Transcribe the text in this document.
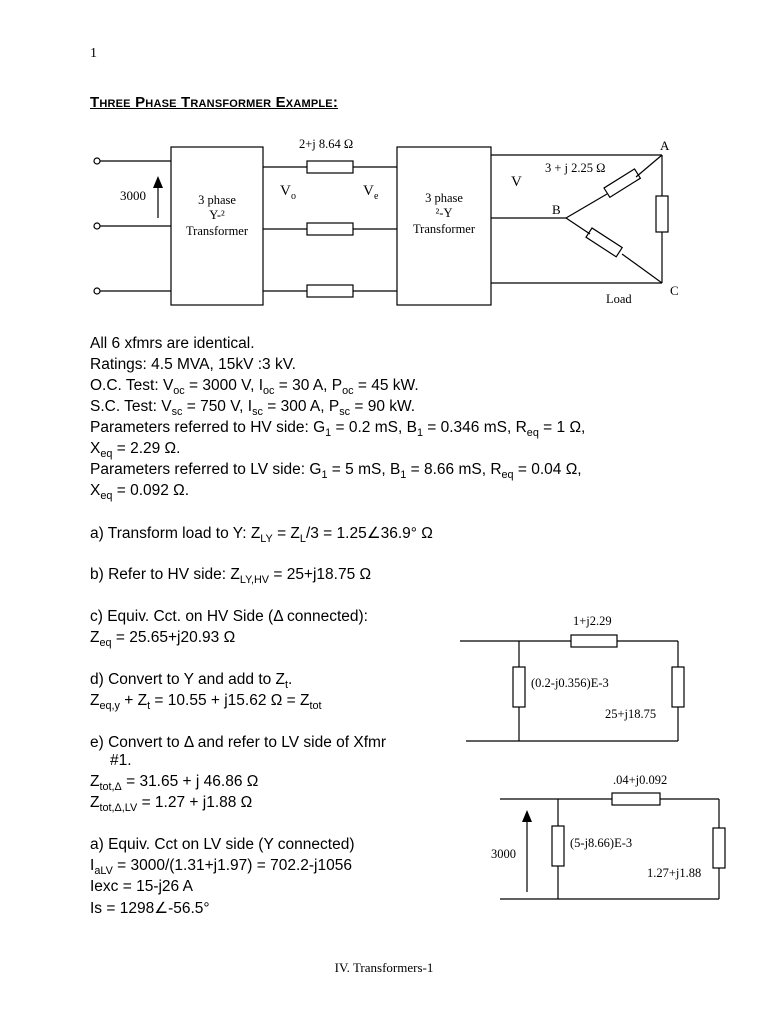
1
Three Phase Transformer Example:
3000	3 phase
Y-²
Transformer
3 phase
²-Y
Transformer
2+j 8.64 Ω
V o	V e
V
3 + j 2.25 Ω
A
B
C
Load
All 6 xfmrs are identical.
Ratings: 4.5 MVA, 15kV :3 kV.
O.C. Test: $V_{oc} = 3000$ V, $I_{oc} = 30$ A, $P_{oc} = 45$ kW.
S.C. Test: $V_{sc} = 750$ V, $I_{sc} = 300$ A, $P_{sc} = 90$ kW.
Parameters referred to HV side: $G_1 = 0.2$ mS, $B_1 = 0.346$ mS, $R_{eq} = 1$ Ω,
$X_{eq} = 2.29$ Ω.
Parameters referred to LV side: $G_1 = 5$ mS, $B_1 = 8.66$ mS, $R_{eq} = 0.04$ Ω,
$X_{eq} = 0.092$ Ω.
a) Transform load to Y: $Z_{LY} = Z_L/3$ = 1.25∠36.9° Ω
b) Refer to HV side: $Z_{LY,HV} = 25+j18.75$ Ω
c) Equiv. Cct. on HV Side (Δ connected):
$Z_{eq} = 25.65+j20.93$ Ω
d) Convert to Y and add to $Z_t$.
$Z_{eq,y} + Z_t = 10.55 + j15.62$ $\Omega = Z_{tot}$
e) Convert to Δ and refer to LV side of Xfmr
#1.
$Z_{tot,\Delta} = 31.65 + j$ 46.86 Ω
$Z_{tot,\Delta,LV} = 1.27 + j1.88$ Ω
a) Equiv. Cct on LV side (Y connected)
$I_{aLV} = 3000/(1.31+j1.97) = 702.2-j1056$
Iexc = 15-j26 A
Is = 1298∠-56.5°
1+j2.29
(0.2-j0.356)E-3
25+j18.75
.04+j0.092
(5-j8.66)E-3
1.27+j1.88
3000
IV. Transformers-1
